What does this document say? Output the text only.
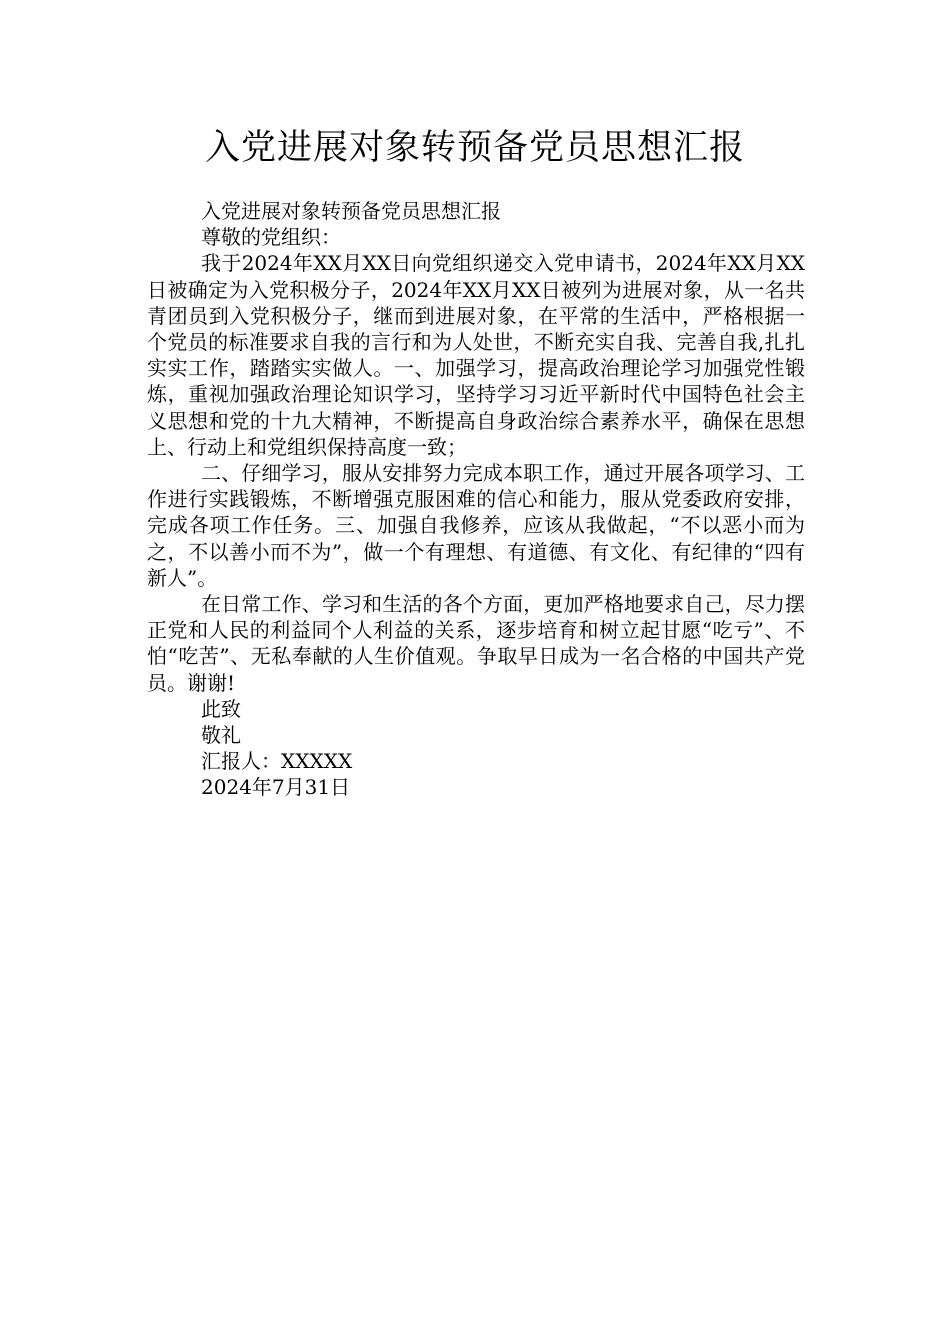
入党进展对象转预备党员思想汇报

入党进展对象转预备党员思想汇报

尊敬的党组织：

我于2024年XX月XX日向党组织递交入党申请书，2024年XX月XX日被确定为入党积极分子，2024年XX月XX日被列为进展对象，从一名共青团员到入党积极分子，继而到进展对象，在平常的生活中，严格根据一个党员的标准要求自我的言行和为人处世，不断充实自我、完善自我,扎扎实实工作，踏踏实实做人。一、加强学习，提高政治理论学习加强党性锻炼，重视加强政治理论知识学习，坚持学习习近平新时代中国特色社会主义思想和党的十九大精神，不断提高自身政治综合素养水平，确保在思想上、行动上和党组织保持高度一致；

二、仔细学习，服从安排努力完成本职工作，通过开展各项学习、工作进行实践锻炼，不断增强克服困难的信心和能力，服从党委政府安排，完成各项工作任务。三、加强自我修养，应该从我做起，“不以恶小而为之，不以善小而不为”，做一个有理想、有道德、有文化、有纪律的“四有新人”。

在日常工作、学习和生活的各个方面，更加严格地要求自己，尽力摆正党和人民的利益同个人利益的关系，逐步培育和树立起甘愿“吃亏”、不怕“吃苦”、无私奉献的人生价值观。争取早日成为一名合格的中国共产党员。谢谢!

此致

敬礼

汇报人：XXXXX

2024年7月31日
